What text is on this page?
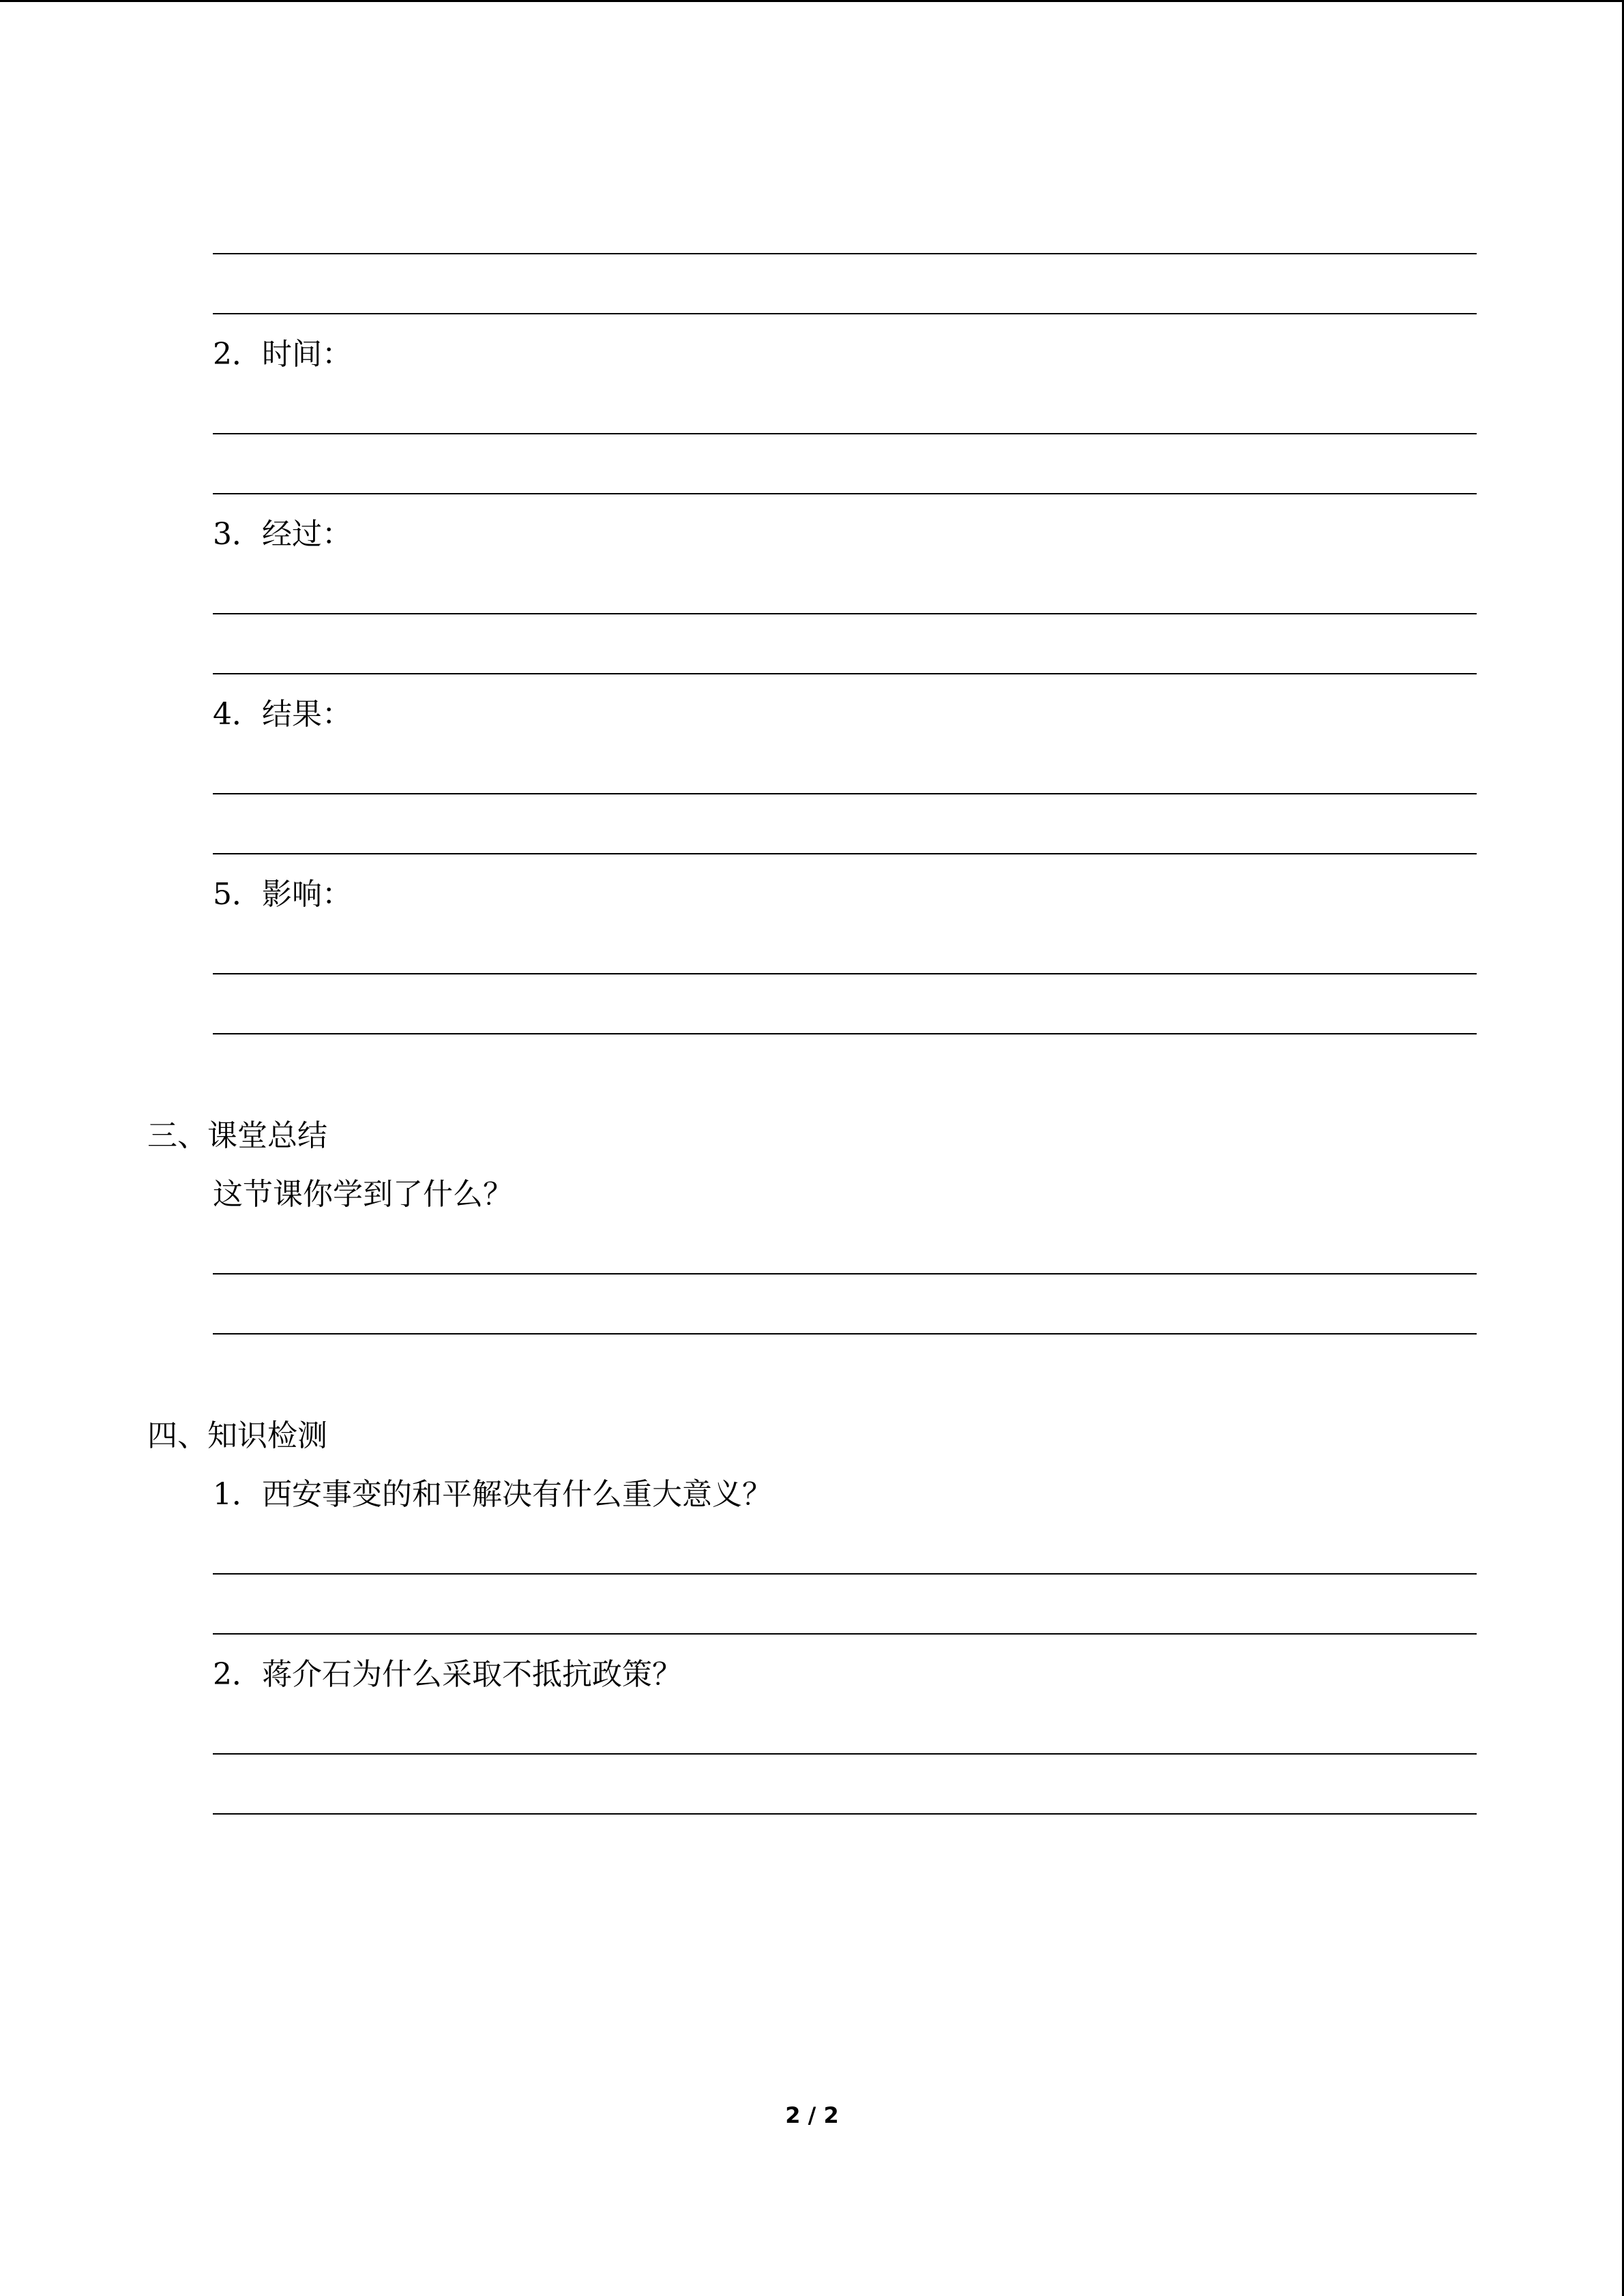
2．时间：
3．经过：
4．结果：
5．影响：
三、课堂总结
这节课你学到了什么？
四、知识检测
1．西安事变的和平解决有什么重大意义？
2．蒋介石为什么采取不抵抗政策？
2 / 2
